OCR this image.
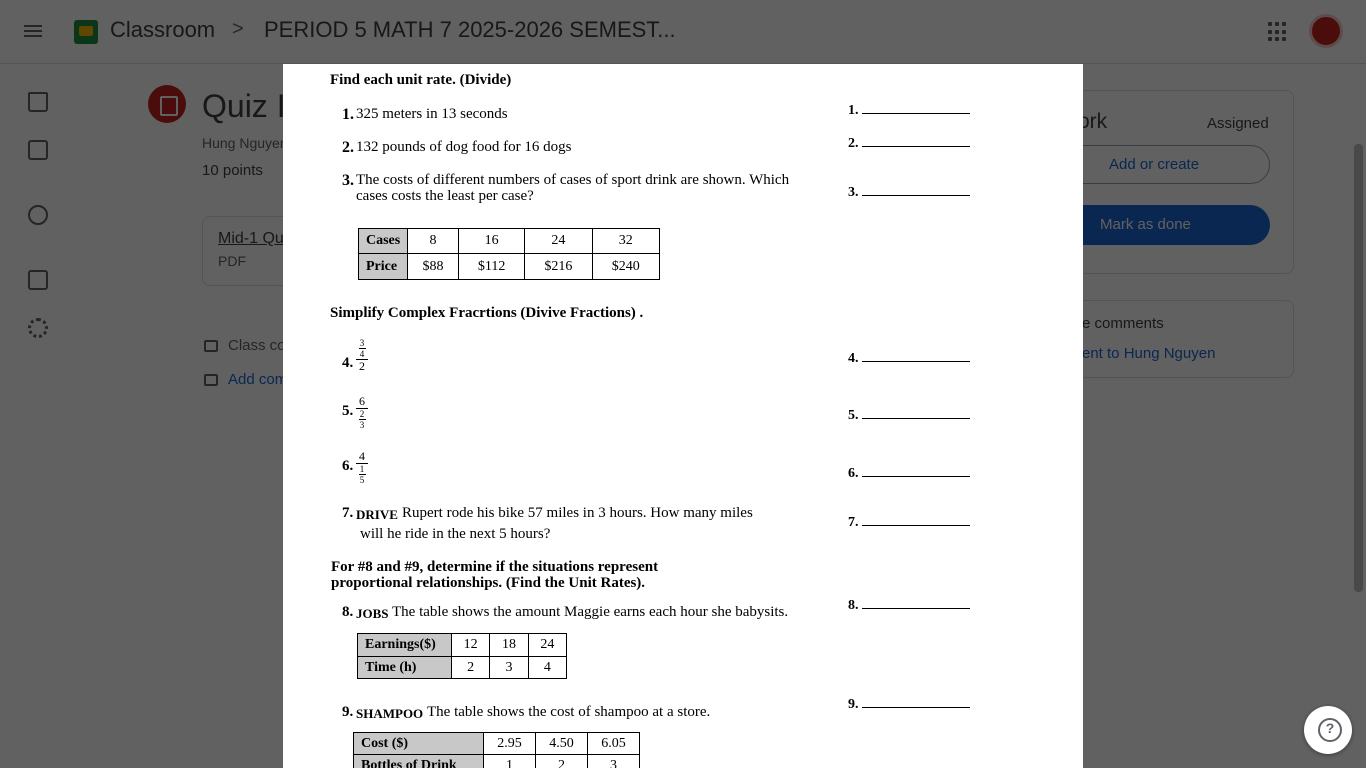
Find each unit rate. (Divide)
1. 325 meters in 13 seconds
2. 132 pounds of dog food for 16 dogs
3. The costs of different numbers of cases of sport drink are shown. Which
cases costs the least per case?
Cases	8	16	24	32
Price	$88	$112	$216	$240
Simplify Complex Fracrtions (Divive Fractions) .
4.
3
4
2
5.
6
2
3
6.
4
1
5
7. DRIVE Rupert rode his bike 57 miles in 3 hours. How many miles
will he ride in the next 5 hours?
For #8 and #9, determine if the situations represent
proportional relationships. (Find the Unit Rates).
8. JOBS The table shows the amount Maggie earns each hour she babysits.
Earnings($)	12	18	24
Time (h)	2	3	4
9. SHAMPOO The table shows the cost of shampoo at a store.
Cost ($)	2.95	4.50	6.05
Bottles of Drink	1	2	3
1.
2.
3.
4.
5.
6.
7.
8.
9.
?
